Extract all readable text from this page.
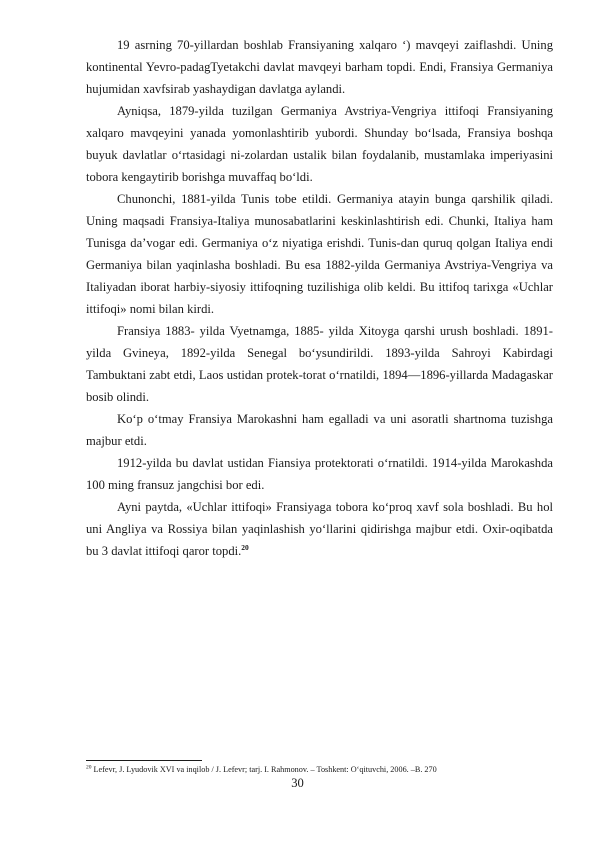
19 asrning 70-yillardan boshlab Fransiyaning xalqaro ‘) mavqeyi zaiflashdi. Uning kontinental Yevro-padagTyetakchi davlat mavqeyi barham topdi. Endi, Fransiya Germaniya hujumidan xavfsirab yashaydigan davlatga aylandi.

Ayniqsa, 1879-yilda tuzilgan Germaniya Avstriya-Vengriya ittifoqi Fransiyaning xalqaro mavqeyini yanada yomonlashtirib yubordi. Shunday bo‘lsada, Fransiya boshqa buyuk davlatlar o‘rtasidagi ni-zolardan ustalik bilan foydalanib, mustamlaka imperiyasini tobora kengaytirib borishga muvaffaq bo‘ldi.

Chunonchi, 1881-yilda Tunis tobe etildi. Germaniya atayin bunga qarshilik qiladi. Uning maqsadi Fransiya-Italiya munosabatlarini keskinlashtirish edi. Chunki, Italiya ham Tunisga da’vogar edi. Germaniya o‘z niyatiga erishdi. Tunis-dan quruq qolgan Italiya endi Germaniya bilan yaqinlasha boshladi. Bu esa 1882-yilda Germaniya Avstriya-Vengriya va Italiyadan iborat harbiy-siyosiy ittifoqning tuzilishiga olib keldi. Bu ittifoq tarixga «Uchlar ittifoqi» nomi bilan kirdi.

Fransiya 1883- yilda Vyetnamga, 1885- yilda Xitoyga qarshi urush boshladi. 1891-yilda Gvineya, 1892-yilda Senegal bo‘ysundirildi. 1893-yilda Sahroyi Kabirdagi Tambuktani zabt etdi, Laos ustidan protek-torat o‘rnatildi, 1894—1896-yillarda Madagaskar bosib olindi.

Ko‘p o‘tmay Fransiya Marokashni ham egalladi va uni asoratli shartnoma tuzishga majbur etdi.

1912-yilda bu davlat ustidan Fiansiya protektorati o‘rnatildi. 1914-yilda Marokashda 100 ming fransuz jangchisi bor edi.

Ayni paytda, «Uchlar ittifoqi» Fransiyaga tobora ko‘proq xavf sola boshladi. Bu hol uni Angliya va Rossiya bilan yaqinlashish yo‘llarini qidirishga majbur etdi. Oxir-oqibatda bu 3 davlat ittifoqi qaror topdi.$^{20}$

$^{20}$ Lefevr, J. Lyudovik XVI va inqilob / J. Lefevr; tarj. I. Rahmonov. – Toshkent: O‘qituvchi, 2006. –B. 270
30
